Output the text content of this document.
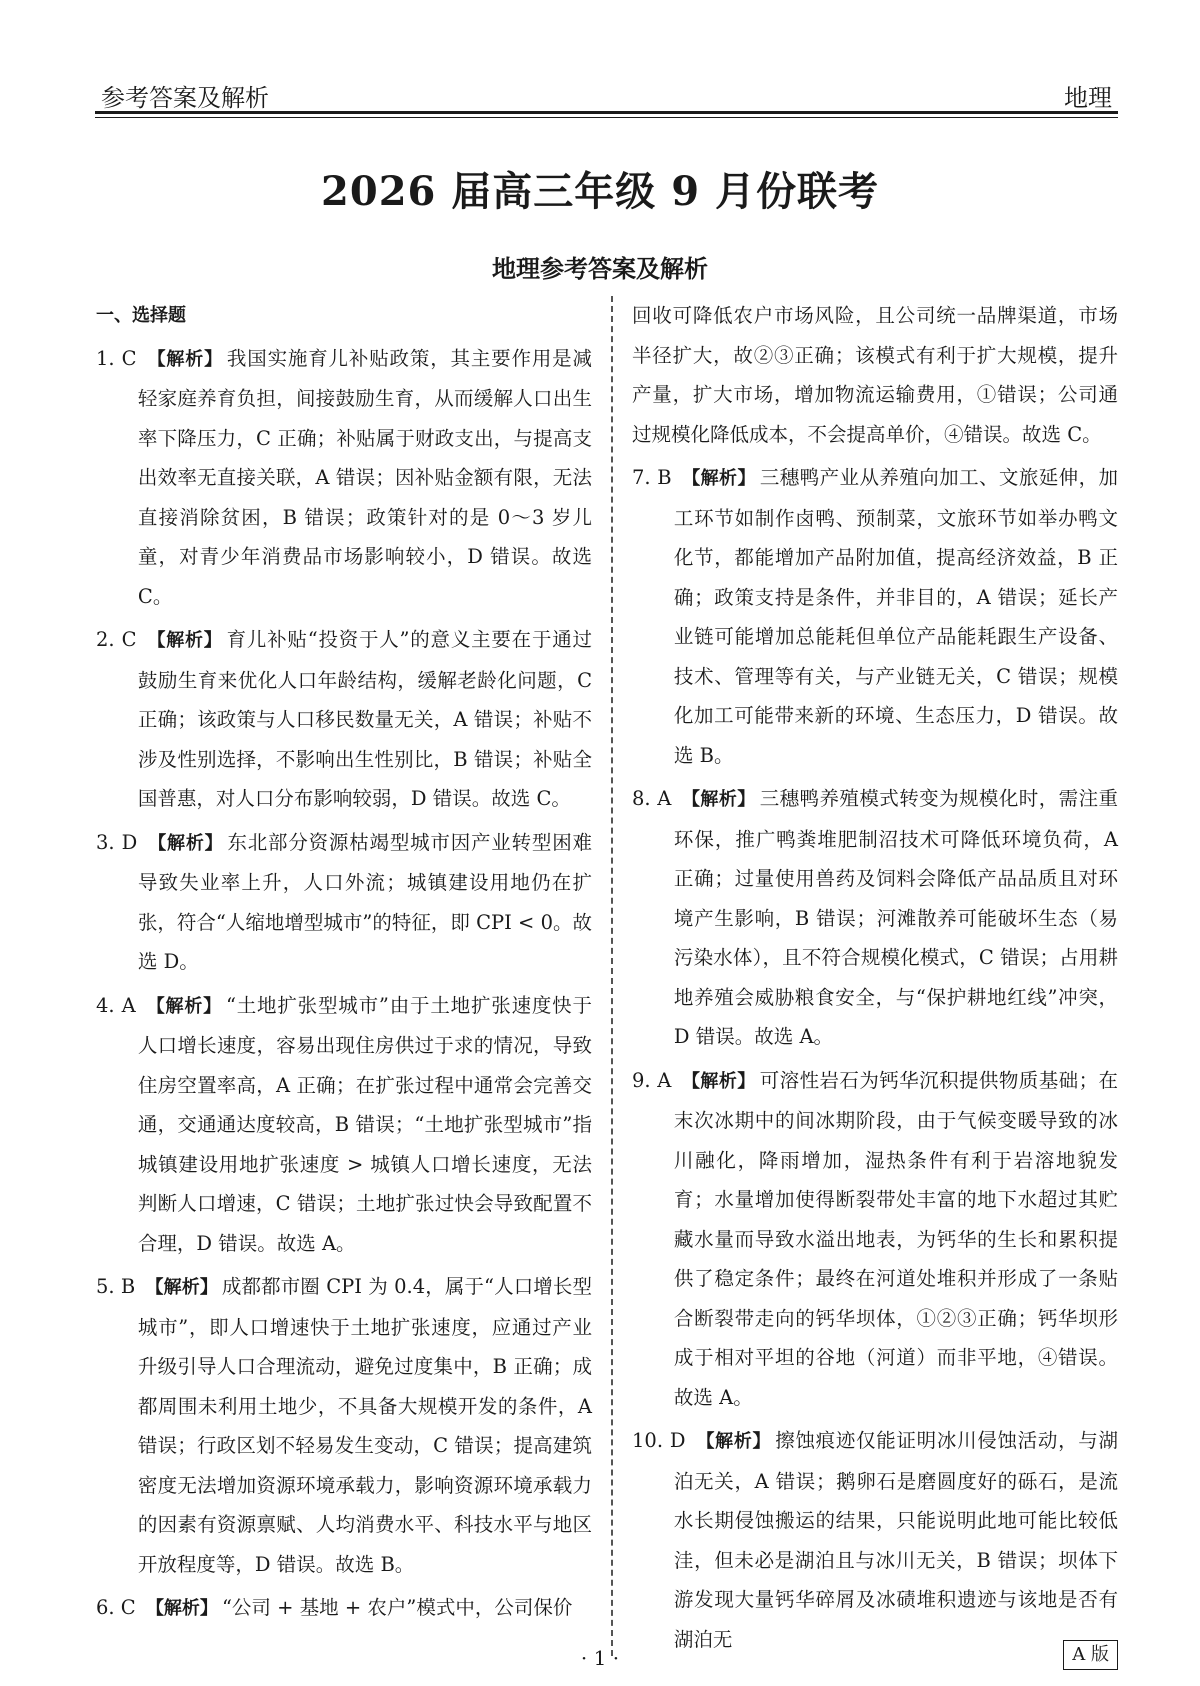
参考答案及解析	地理
2026 届高三年级 9 月份联考
地理参考答案及解析
一、选择题
1. C 【解析】 我国实施育儿补贴政策，其主要作用是减轻家庭养育负担，间接鼓励生育，从而缓解人口出生率下降压力，C 正确；补贴属于财政支出，与提高支出效率无直接关联，A 错误；因补贴金额有限，无法直接消除贫困，B 错误；政策针对的是 0～3 岁儿童，对青少年消费品市场影响较小，D 错误。故选 C。
2. C 【解析】 育儿补贴“投资于人”的意义主要在于通过鼓励生育来优化人口年龄结构，缓解老龄化问题，C 正确；该政策与人口移民数量无关，A 错误；补贴不涉及性别选择，不影响出生性别比，B 错误；补贴全国普惠，对人口分布影响较弱，D 错误。故选 C。
3. D 【解析】 东北部分资源枯竭型城市因产业转型困难导致失业率上升，人口外流；城镇建设用地仍在扩张，符合“人缩地增型城市”的特征，即 CPI < 0。故选 D。
4. A 【解析】 “土地扩张型城市”由于土地扩张速度快于人口增长速度，容易出现住房供过于求的情况，导致住房空置率高，A 正确；在扩张过程中通常会完善交通，交通通达度较高，B 错误；“土地扩张型城市”指城镇建设用地扩张速度 > 城镇人口增长速度，无法判断人口增速，C 错误；土地扩张过快会导致配置不合理，D 错误。故选 A。
5. B 【解析】 成都都市圈 CPI 为 0.4，属于“人口增长型城市”，即人口增速快于土地扩张速度，应通过产业升级引导人口合理流动，避免过度集中，B 正确；成都周围未利用土地少，不具备大规模开发的条件，A 错误；行政区划不轻易发生变动，C 错误；提高建筑密度无法增加资源环境承载力，影响资源环境承载力的因素有资源禀赋、人均消费水平、科技水平与地区开放程度等，D 错误。故选 B。
6. C 【解析】 “公司 + 基地 + 农户”模式中，公司保价
回收可降低农户市场风险，且公司统一品牌渠道，市场半径扩大，故②③正确；该模式有利于扩大规模，提升产量，扩大市场，增加物流运输费用，①错误；公司通过规模化降低成本，不会提高单价，④错误。故选 C。
7. B 【解析】 三穗鸭产业从养殖向加工、文旅延伸，加工环节如制作卤鸭、预制菜，文旅环节如举办鸭文化节，都能增加产品附加值，提高经济效益，B 正确；政策支持是条件，并非目的，A 错误；延长产业链可能增加总能耗但单位产品能耗跟生产设备、技术、管理等有关，与产业链无关，C 错误；规模化加工可能带来新的环境、生态压力，D 错误。故选 B。
8. A 【解析】 三穗鸭养殖模式转变为规模化时，需注重环保，推广鸭粪堆肥制沼技术可降低环境负荷，A 正确；过量使用兽药及饲料会降低产品品质且对环境产生影响，B 错误；河滩散养可能破坏生态（易污染水体），且不符合规模化模式，C 错误；占用耕地养殖会威胁粮食安全，与“保护耕地红线”冲突，D 错误。故选 A。
9. A 【解析】 可溶性岩石为钙华沉积提供物质基础；在末次冰期中的间冰期阶段，由于气候变暖导致的冰川融化，降雨增加，湿热条件有利于岩溶地貌发育；水量增加使得断裂带处丰富的地下水超过其贮藏水量而导致水溢出地表，为钙华的生长和累积提供了稳定条件；最终在河道处堆积并形成了一条贴合断裂带走向的钙华坝体，①②③正确；钙华坝形成于相对平坦的谷地（河道）而非平地，④错误。故选 A。
10. D 【解析】 擦蚀痕迹仅能证明冰川侵蚀活动，与湖泊无关，A 错误；鹅卵石是磨圆度好的砾石，是流水长期侵蚀搬运的结果，只能说明此地可能比较低洼，但未必是湖泊且与冰川无关，B 错误；坝体下游发现大量钙华碎屑及冰碛堆积遗迹与该地是否有湖泊无
· 1 ·	A 版
